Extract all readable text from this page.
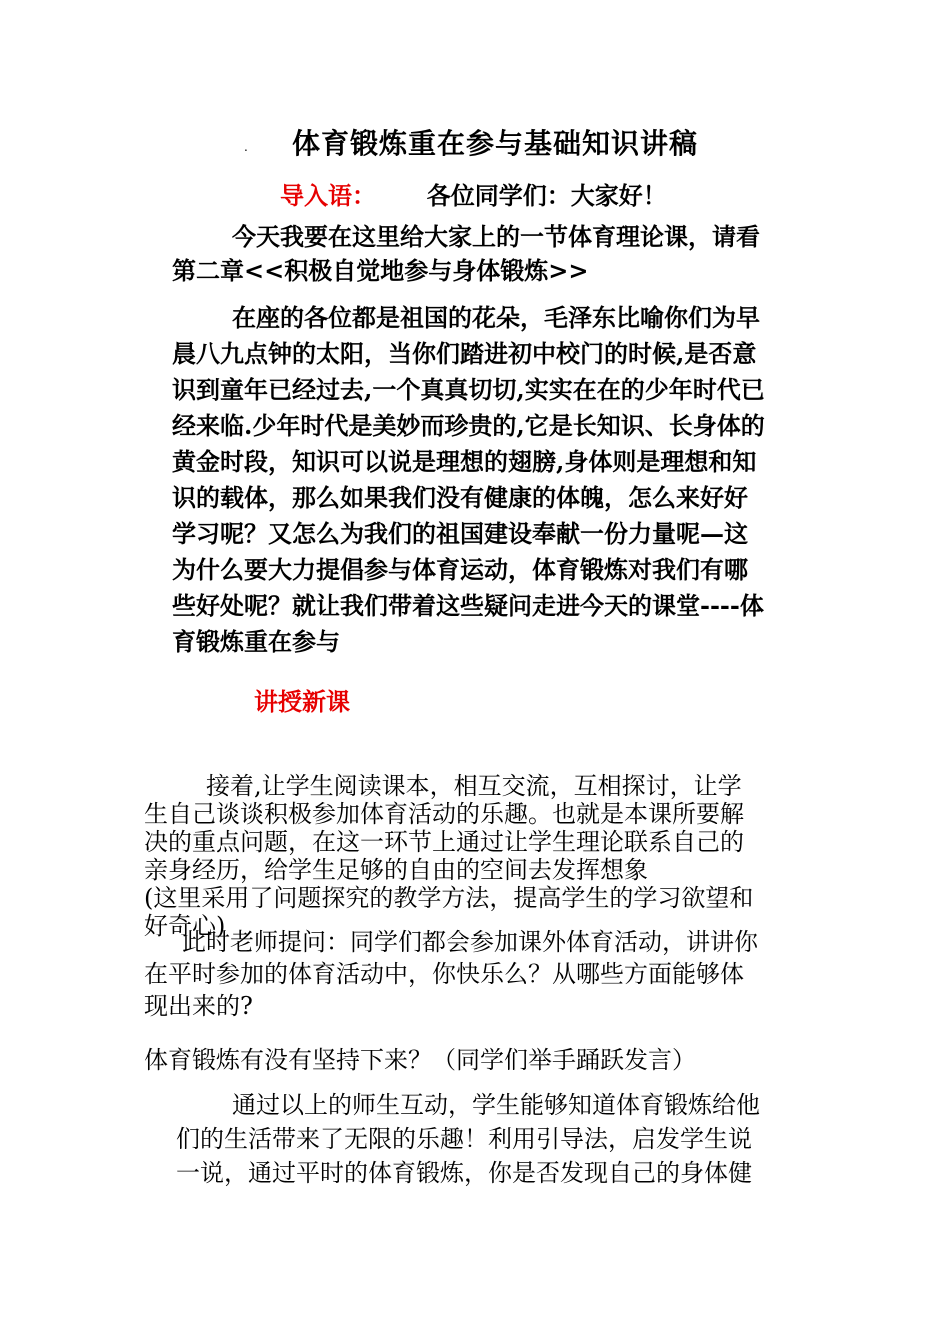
. 体育锻炼重在参与基础知识讲稿
导入语： 各位同学们：大家好！
今天我要在这里给大家上的一节体育理论课，请看
第二章<<积极自觉地参与身体锻炼>>
在座的各位都是祖国的花朵，毛泽东比喻你们为早
晨八九点钟的太阳，当你们踏进初中校门的时候,是否意
识到童年已经过去,一个真真切切,实实在在的少年时代已
经来临.少年时代是美妙而珍贵的,它是长知识、长身体的
黄金时段，知识可以说是理想的翅膀,身体则是理想和知
识的载体，那么如果我们没有健康的体魄，怎么来好好
学习呢？又怎么为我们的祖国建设奉献一份力量呢—这
为什么要大力提倡参与体育运动，体育锻炼对我们有哪
些好处呢？就让我们带着这些疑问走进今天的课堂----体
育锻炼重在参与
讲授新课
接着,让学生阅读课本，相互交流，互相探讨，让学
生自己谈谈积极参加体育活动的乐趣。也就是本课所要解
决的重点问题，在这一环节上通过让学生理论联系自己的
亲身经历，给学生足够的自由的空间去发挥想象
(这里采用了问题探究的教学方法，提高学生的学习欲望和
好奇心)
此时老师提问：同学们都会参加课外体育活动，讲讲你
在平时参加的体育活动中，你快乐么？从哪些方面能够体
现出来的?
体育锻炼有没有坚持下来？（同学们举手踊跃发言）
通过以上的师生互动，学生能够知道体育锻炼给他
们的生活带来了无限的乐趣！利用引导法，启发学生说
一说，通过平时的体育锻炼，你是否发现自己的身体健
